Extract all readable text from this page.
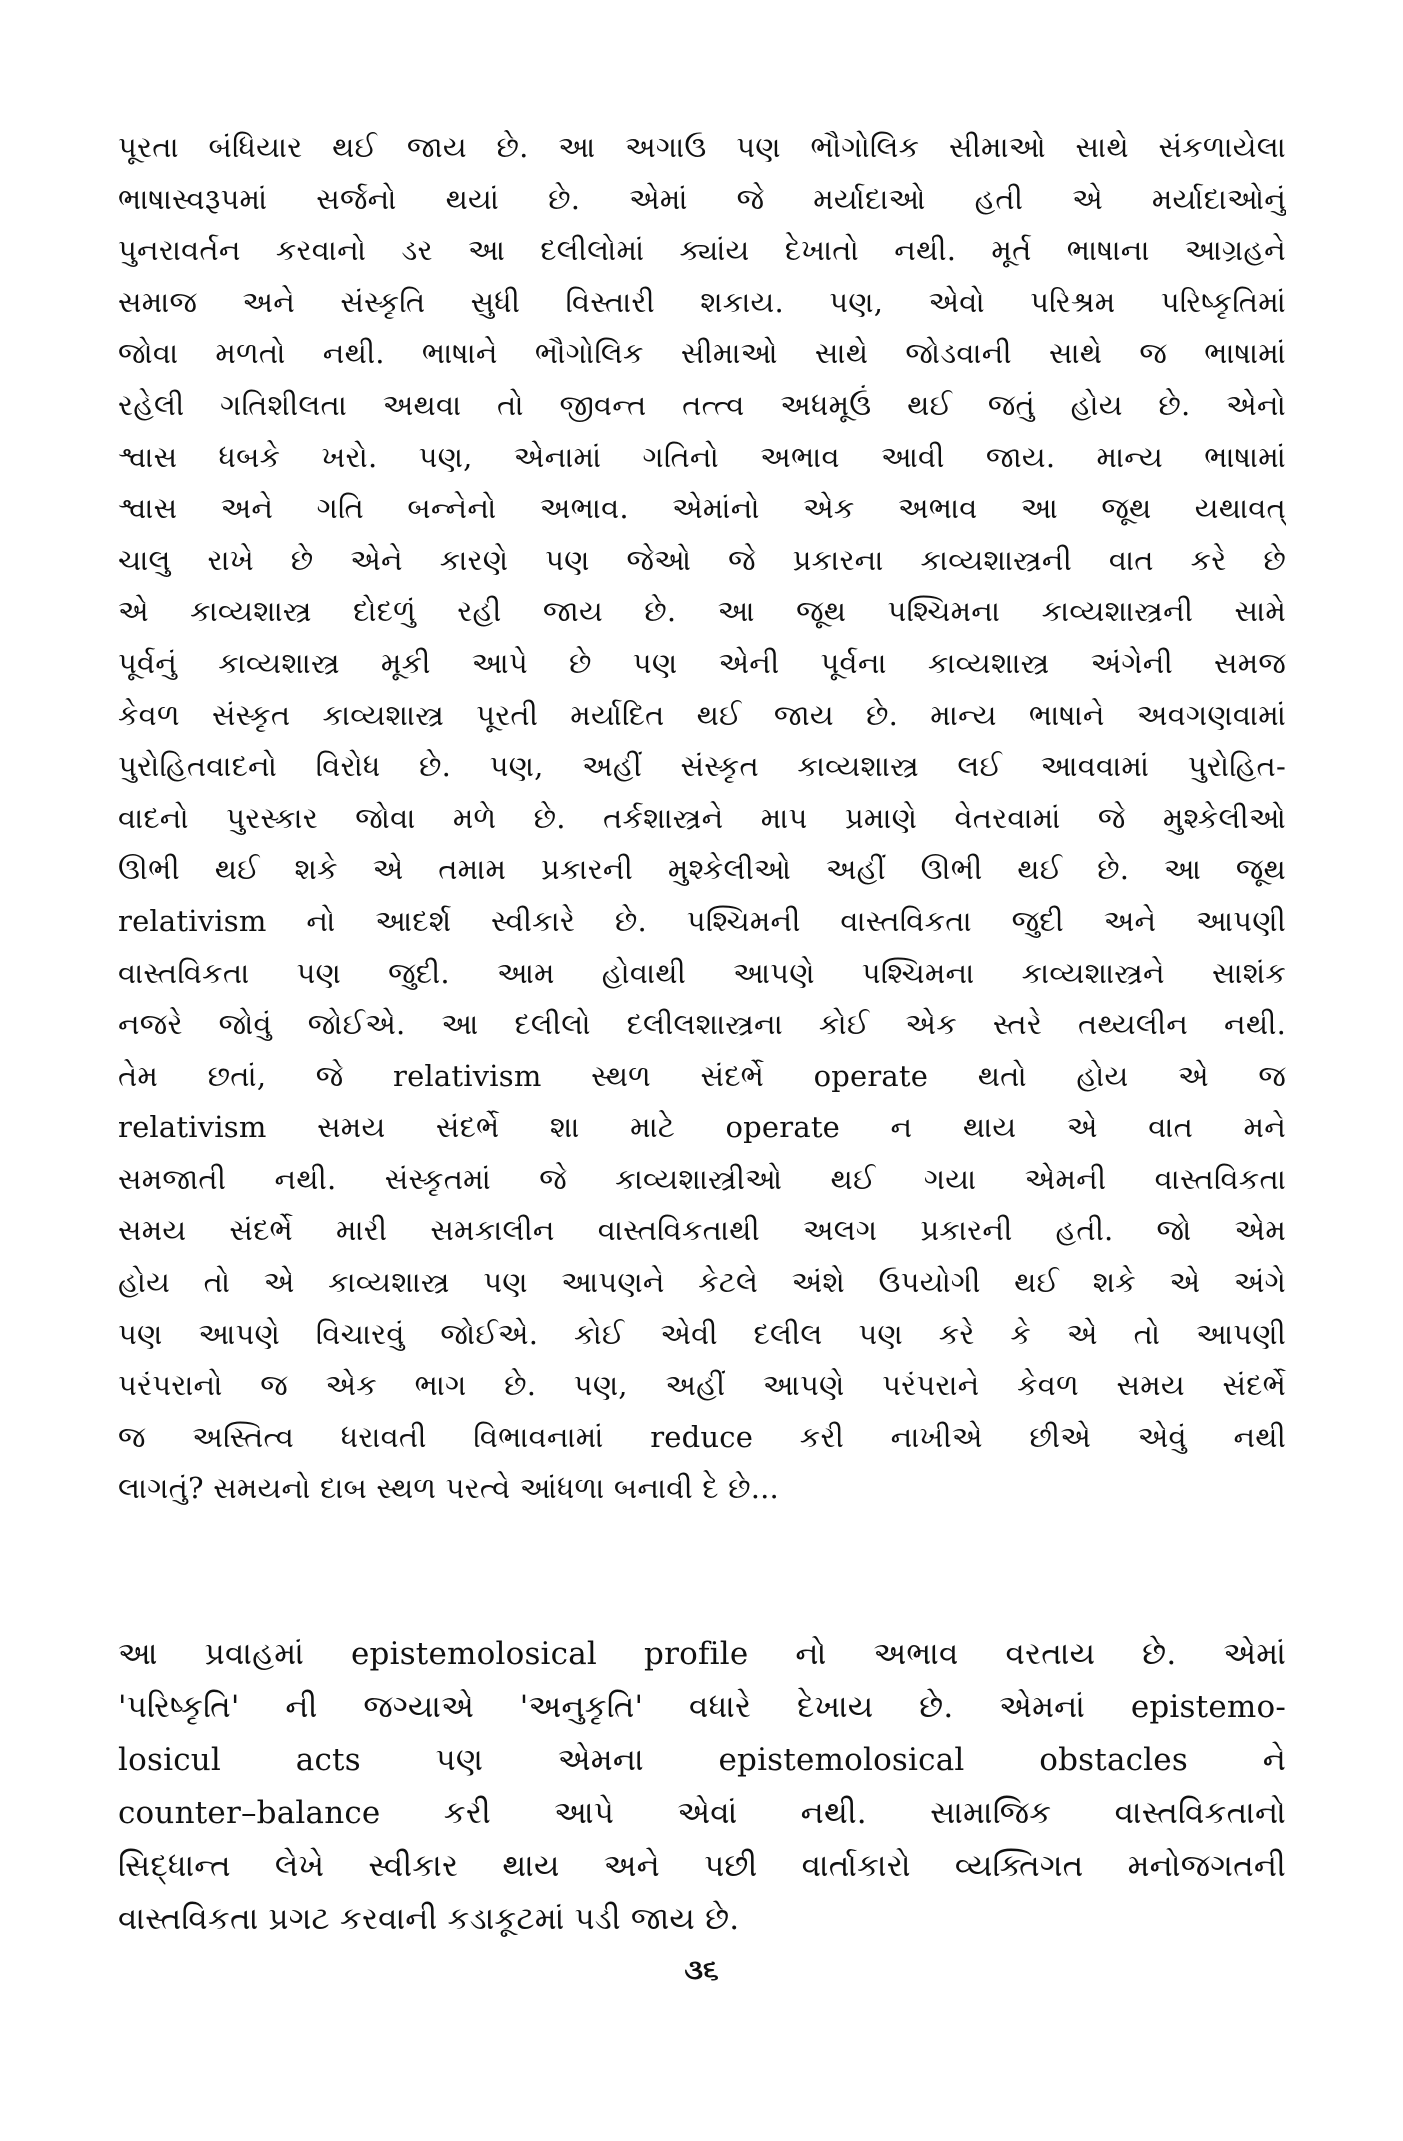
પૂરતા બંધિયાર થઈ જાય છે. આ અગાઉ પણ ભૌગોલિક સીમાઓ સાથે સંકળાયેલા
ભાષાસ્વરૂપમાં સર્જનો થયાં છે. એમાં જે મર્યાદાઓ હતી એ મર્યાદાઓનું
પુનરાવર્તન કરવાનો ડર આ દલીલોમાં ક્યાંય દેખાતો નથી. મૂર્ત ભાષાના આગ્રહને
સમાજ અને સંસ્કૃતિ સુધી વિસ્તારી શકાય. પણ, એવો પરિશ્રમ પરિષ્કૃતિમાં
જોવા મળતો નથી. ભાષાને ભૌગોલિક સીમાઓ સાથે જોડવાની સાથે જ ભાષામાં
રહેલી ગતિશીલતા અથવા તો જીવન્ત તત્ત્વ અધમૂઉં થઈ જતું હોય છે. એનો
શ્વાસ ધબકે ખરો. પણ, એનામાં ગતિનો અભાવ આવી જાય. માન્ય ભાષામાં
શ્વાસ અને ગતિ બન્નેનો અભાવ. એમાંનો એક અભાવ આ જૂથ યથાવત્
ચાલુ રાખે છે એને કારણે પણ જેઓ જે પ્રકારના કાવ્યશાસ્ત્રની વાત કરે છે
એ કાવ્યશાસ્ત્ર દોદળું રહી જાય છે. આ જૂથ પશ્ચિમના કાવ્યશાસ્ત્રની સામે
પૂર્વનું કાવ્યશાસ્ત્ર મૂકી આપે છે પણ એની પૂર્વના કાવ્યશાસ્ત્ર અંગેની સમજ
કેવળ સંસ્કૃત કાવ્યશાસ્ત્ર પૂરતી મર્યાદિત થઈ જાય છે. માન્ય ભાષાને અવગણવામાં
પુરોહિતવાદનો વિરોધ છે. પણ, અહીં સંસ્કૃત કાવ્યશાસ્ત્ર લઈ આવવામાં પુરોહિત-
વાદનો પુરસ્કાર જોવા મળે છે. તર્કશાસ્ત્રને માપ પ્રમાણે વેતરવામાં જે મુશ્કેલીઓ
ઊભી થઈ શકે એ તમામ પ્રકારની મુશ્કેલીઓ અહીં ઊભી થઈ છે. આ જૂથ
relativism નો આદર્શ સ્વીકારે છે. પશ્ચિમની વાસ્તવિકતા જુદી અને આપણી
વાસ્તવિકતા પણ જુદી. આમ હોવાથી આપણે પશ્ચિમના કાવ્યશાસ્ત્રને સાશંક
નજરે જોવું જોઈએ. આ દલીલો દલીલશાસ્ત્રના કોઈ એક સ્તરે તથ્યલીન નથી.
તેમ છતાં, જે relativism સ્થળ સંદર્ભે operate થતો હોય એ જ
relativism સમય સંદર્ભે શા માટે operate ન થાય એ વાત મને
સમજાતી નથી. સંસ્કૃતમાં જે કાવ્યશાસ્ત્રીઓ થઈ ગયા એમની વાસ્તવિકતા
સમય સંદર્ભે મારી સમકાલીન વાસ્તવિકતાથી અલગ પ્રકારની હતી. જો એમ
હોય તો એ કાવ્યશાસ્ત્ર પણ આપણને કેટલે અંશે ઉપયોગી થઈ શકે એ અંગે
પણ આપણે વિચારવું જોઈએ. કોઈ એવી દલીલ પણ કરે કે એ તો આપણી
પરંપરાનો જ એક ભાગ છે. પણ, અહીં આપણે પરંપરાને કેવળ સમય સંદર્ભે
જ અસ્તિત્વ ધરાવતી વિભાવનામાં reduce કરી નાખીએ છીએ એવું નથી
લાગતું? સમયનો દાબ સ્થળ પરત્વે આંધળા બનાવી દે છે...
આ પ્રવાહમાં epistemolosical profile નો અભાવ વરતાય છે. એમાં
'પરિષ્કૃતિ' ની જગ્યાએ 'અનુકૃતિ' વધારે દેખાય છે. એમનાં epistemo-
losicul acts પણ એમના epistemolosical obstacles ને
counter–balance કરી આપે એવાં નથી. સામાજિક વાસ્તવિકતાનો
સિદ્ધાન્ત લેખે સ્વીકાર થાય અને પછી વાર્તાકારો વ્યક્તિગત મનોજગતની
વાસ્તવિકતા પ્રગટ કરવાની કડાકૂટમાં પડી જાય છે.
૩૬
